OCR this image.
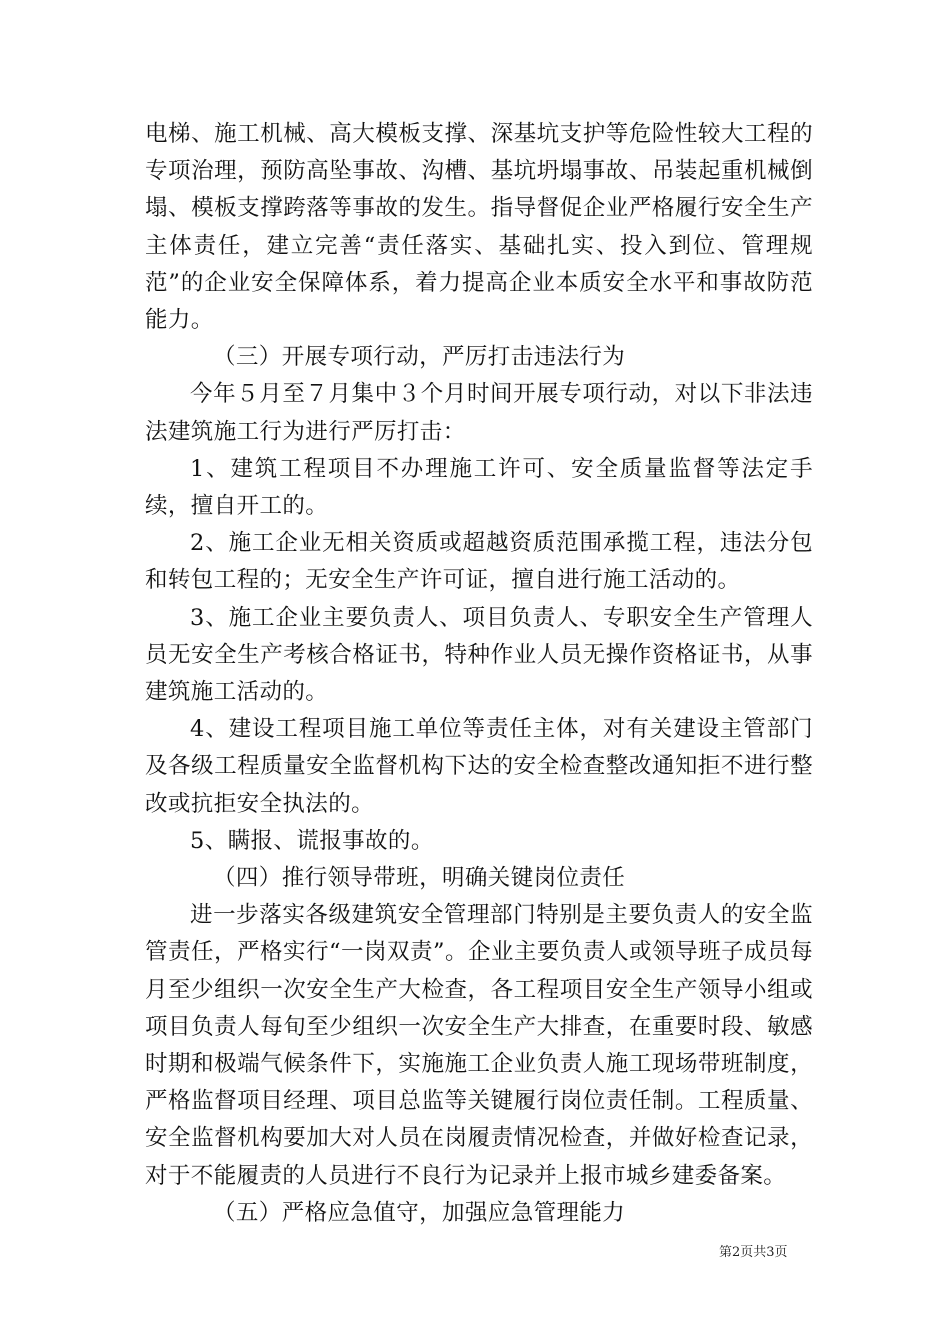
电梯、施工机械、高大模板支撑、深基坑支护等危险性较大工程的专项治理，预防高坠事故、沟槽、基坑坍塌事故、吊装起重机械倒塌、模板支撑跨落等事故的发生。指导督促企业严格履行安全生产主体责任，建立完善“责任落实、基础扎实、投入到位、管理规范”的企业安全保障体系，着力提高企业本质安全水平和事故防范能力。

（三）开展专项行动，严厉打击违法行为

今年５月至７月集中３个月时间开展专项行动，对以下非法违法建筑施工行为进行严厉打击：

1、建筑工程项目不办理施工许可、安全质量监督等法定手续，擅自开工的。

2、施工企业无相关资质或超越资质范围承揽工程，违法分包和转包工程的；无安全生产许可证，擅自进行施工活动的。

3、施工企业主要负责人、项目负责人、专职安全生产管理人员无安全生产考核合格证书，特种作业人员无操作资格证书，从事建筑施工活动的。

4、建设工程项目施工单位等责任主体，对有关建设主管部门及各级工程质量安全监督机构下达的安全检查整改通知拒不进行整改或抗拒安全执法的。

5、瞒报、谎报事故的。

（四）推行领导带班，明确关键岗位责任

进一步落实各级建筑安全管理部门特别是主要负责人的安全监管责任，严格实行“一岗双责”。企业主要负责人或领导班子成员每月至少组织一次安全生产大检查，各工程项目安全生产领导小组或项目负责人每旬至少组织一次安全生产大排查，在重要时段、敏感时期和极端气候条件下，实施施工企业负责人施工现场带班制度，严格监督项目经理、项目总监等关键履行岗位责任制。工程质量、安全监督机构要加大对人员在岗履责情况检查，并做好检查记录，对于不能履责的人员进行不良行为记录并上报市城乡建委备案。

（五）严格应急值守，加强应急管理能力

第2页共3页
